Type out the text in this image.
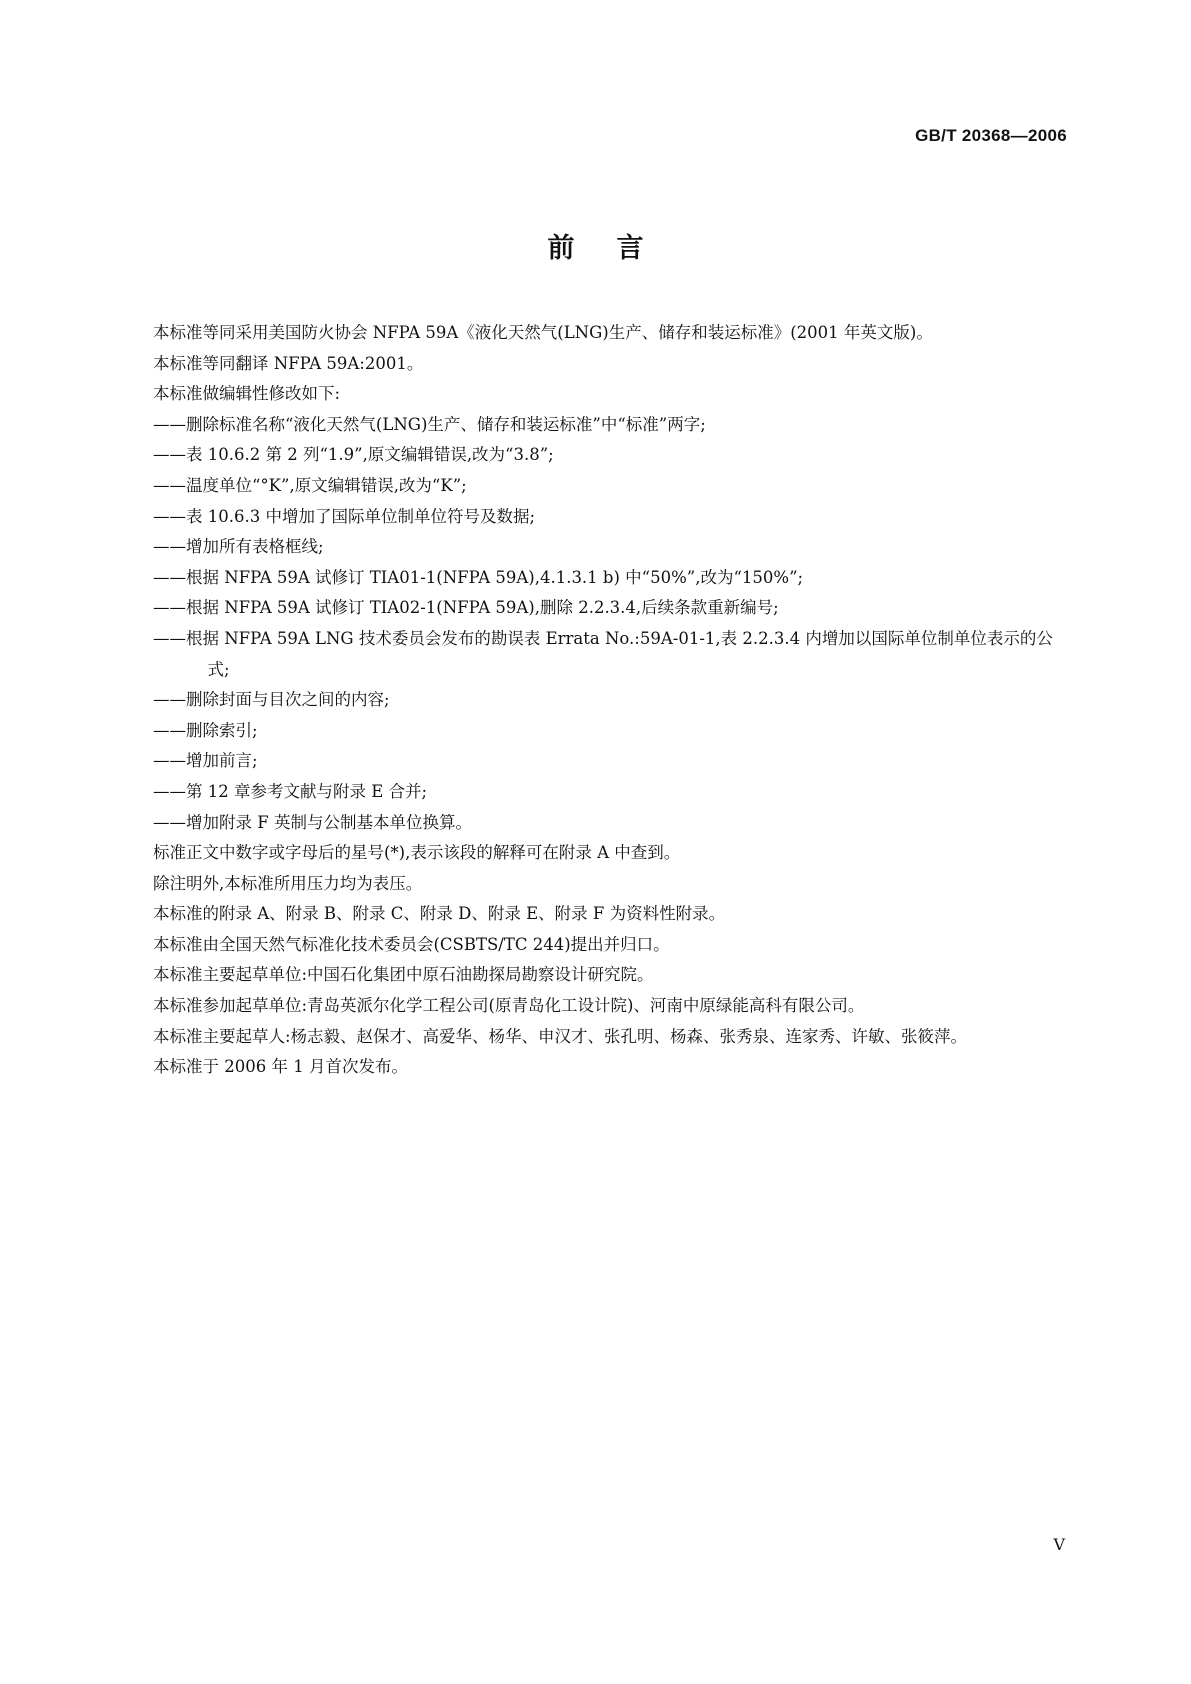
GB/T 20368—2006
前言

本标准等同采用美国防火协会 NFPA 59A《液化天然气(LNG)生产、储存和装运标准》(2001 年英文版)。

本标准等同翻译 NFPA 59A:2001。

本标准做编辑性修改如下:

——删除标准名称“液化天然气(LNG)生产、储存和装运标准”中“标准”两字;

——表 10.6.2 第 2 列“1.9”,原文编辑错误,改为“3.8”;

——温度单位“°K”,原文编辑错误,改为“K”;

——表 10.6.3 中增加了国际单位制单位符号及数据;

——增加所有表格框线;

——根据 NFPA 59A 试修订 TIA01-1(NFPA 59A),4.1.3.1 b) 中“50%”,改为“150%”;

——根据 NFPA 59A 试修订 TIA02-1(NFPA 59A),删除 2.2.3.4,后续条款重新编号;

——根据 NFPA 59A LNG 技术委员会发布的勘误表 Errata No.:59A-01-1,表 2.2.3.4 内增加以国际单位制单位表示的公式;

——删除封面与目次之间的内容;

——删除索引;

——增加前言;

——第 12 章参考文献与附录 E 合并;

——增加附录 F 英制与公制基本单位换算。

标准正文中数字或字母后的星号(*),表示该段的解释可在附录 A 中查到。

除注明外,本标准所用压力均为表压。

本标准的附录 A、附录 B、附录 C、附录 D、附录 E、附录 F 为资料性附录。

本标准由全国天然气标准化技术委员会(CSBTS/TC 244)提出并归口。

本标准主要起草单位:中国石化集团中原石油勘探局勘察设计研究院。

本标准参加起草单位:青岛英派尔化学工程公司(原青岛化工设计院)、河南中原绿能高科有限公司。

本标准主要起草人:杨志毅、赵保才、高爱华、杨华、申汉才、张孔明、杨森、张秀泉、连家秀、许敏、张筱萍。

本标准于 2006 年 1 月首次发布。

V
